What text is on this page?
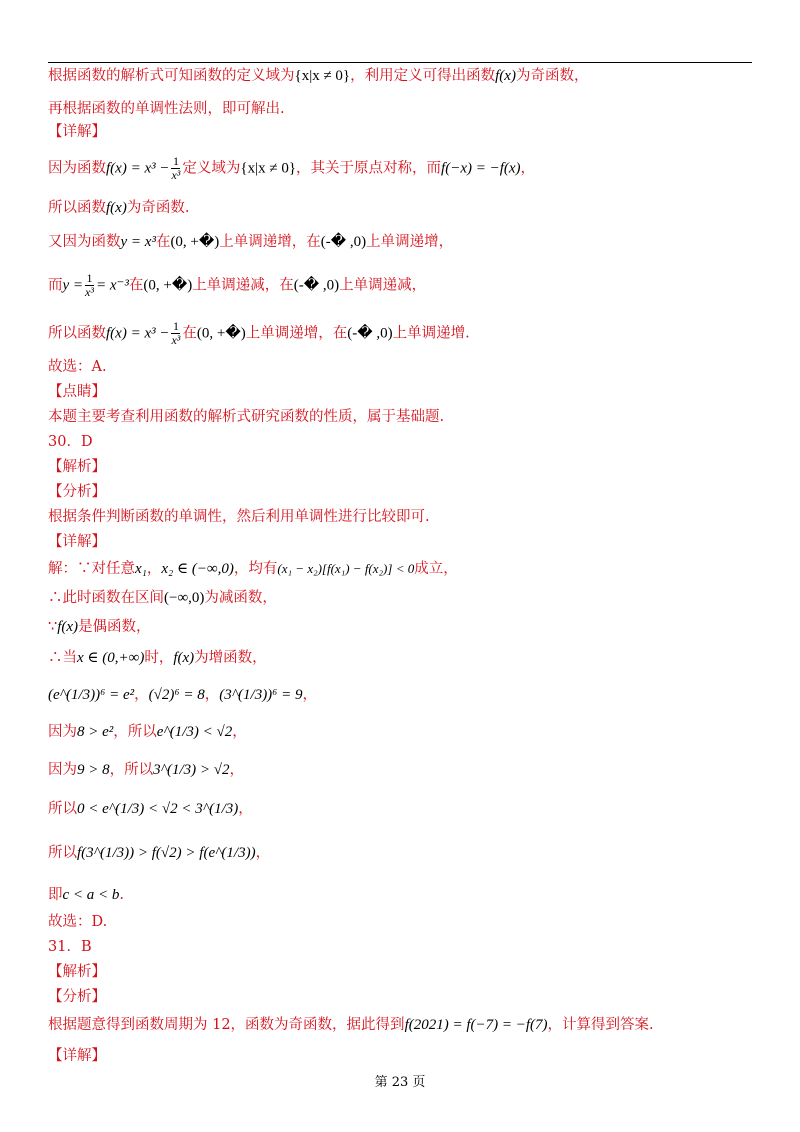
根据函数的解析式可知函数的定义域为{x|x ≠ 0}，利用定义可得出函数f(x)为奇函数，
再根据函数的单调性法则，即可解出.
【详解】
因为函数$f(x) = x^3 - \frac{1}{\text{x³}}$ 定义域为{x|x ≠ 0}，其关于原点对称，而f(−x) = −f(x)，
所以函数f(x)为奇函数.
又因为函数y = x³在(0, +�)上单调递增，在(-� ,0)上单调递增，
而$y = \frac{1}{\text{x³}} = x^{-3}$在(0, +�)上单调递减，在(-� ,0)上单调递减，
所以函数$f(x) = x^3 - \frac{1}{\text{x³}}$ 在(0, +�)上单调递增，在(-� ,0)上单调递增.
故选：A.
【点睛】
本题主要考查利用函数的解析式研究函数的性质，属于基础题.
30．D
【解析】
【分析】
根据条件判断函数的单调性，然后利用单调性进行比较即可.
【详解】
解：∵对任意x₁，x₂ ∈ (−∞,0)，均有(x₁ − x₂)[f(x₁) − f(x₂)] < 0成立，
∴此时函数在区间(−∞,0)为减函数，
∵f(x)是偶函数，
∴当x ∈ (0,+∞)时，f(x)为增函数，
(e^(1/3))⁶ = e²，(√2)⁶ = 8，(3^(1/3))⁶ = 9，
因为8 > e²，所以e^(1/3) < √2，
因为9 > 8，所以3^(1/3) > √2，
所以0 < e^(1/3) < √2 < 3^(1/3)，
所以f(3^(1/3)) > f(√2) > f(e^(1/3))，
即c < a < b.
故选：D.
31．B
【解析】
【分析】
根据题意得到函数周期为 12，函数为奇函数，据此得到f(2021) = f(−7) = −f(7)，计算得到答案.
【详解】
第 23 页
